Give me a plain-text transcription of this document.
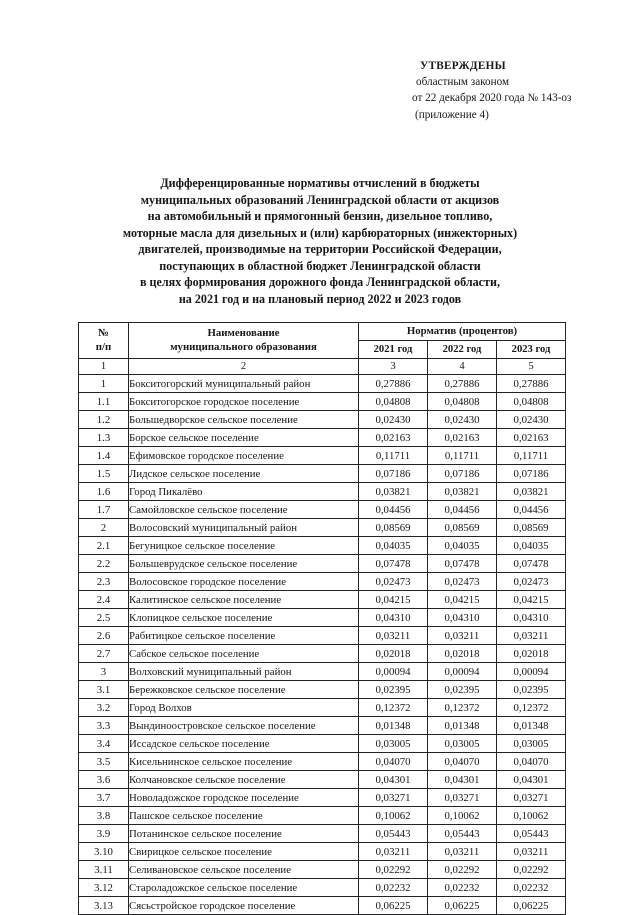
УТВЕРЖДЕНЫ
областным законом
от 22 декабря 2020 года № 143-оз
(приложение 4)
Дифференцированные нормативы отчислений в бюджеты
муниципальных образований Ленинградской области от акцизов
на автомобильный и прямогонный бензин, дизельное топливо,
моторные масла для дизельных и (или) карбюраторных (инжекторных)
двигателей, производимые на территории Российской Федерации,
поступающих в областной бюджет Ленинградской области
в целях формирования дорожного фонда Ленинградской области,
на 2021 год и на плановый период 2022 и 2023 годов
№
п/п

Наименование
муниципального образования
	Норматив (процентов)
		2021 год	2022 год	2023 год
1	2	3	4	5
1	Бокситогорский муниципальный район	0,27886	0,27886	0,27886
1.1	Бокситогорское городское поселение	0,04808	0,04808	0,04808
1.2	Большедворское сельское поселение	0,02430	0,02430	0,02430
1.3	Борское сельское поселение	0,02163	0,02163	0,02163
1.4	Ефимовское городское поселение	0,11711	0,11711	0,11711
1.5	Лидское сельское поселение	0,07186	0,07186	0,07186
1.6	Город Пикалёво	0,03821	0,03821	0,03821
1.7	Самойловское сельское поселение	0,04456	0,04456	0,04456
2	Волосовский муниципальный район	0,08569	0,08569	0,08569
2.1	Бегуницкое сельское поселение	0,04035	0,04035	0,04035
2.2	Большеврудское сельское поселение	0,07478	0,07478	0,07478
2.3	Волосовское городское поселение	0,02473	0,02473	0,02473
2.4	Калитинское сельское поселение	0,04215	0,04215	0,04215
2.5	Клопицкое сельское поселение	0,04310	0,04310	0,04310
2.6	Рабитицкое сельское поселение	0,03211	0,03211	0,03211
2.7	Сабское сельское поселение	0,02018	0,02018	0,02018
3	Волховский муниципальный район	0,00094	0,00094	0,00094
3.1	Бережковское сельское поселение	0,02395	0,02395	0,02395
3.2	Город Волхов	0,12372	0,12372	0,12372
3.3	Вындиноостровское сельское поселение	0,01348	0,01348	0,01348
3.4	Иссадское сельское поселение	0,03005	0,03005	0,03005
3.5	Кисельнинское сельское поселение	0,04070	0,04070	0,04070
3.6	Колчановское сельское поселение	0,04301	0,04301	0,04301
3.7	Новоладожское городское поселение	0,03271	0,03271	0,03271
3.8	Пашское сельское поселение	0,10062	0,10062	0,10062
3.9	Потанинское сельское поселение	0,05443	0,05443	0,05443
3.10	Свирицкое сельское поселение	0,03211	0,03211	0,03211
3.11	Селивановское сельское поселение	0,02292	0,02292	0,02292
3.12	Староладожское сельское поселение	0,02232	0,02232	0,02232
3.13	Сясьстройское городское поселение	0,06225	0,06225	0,06225
